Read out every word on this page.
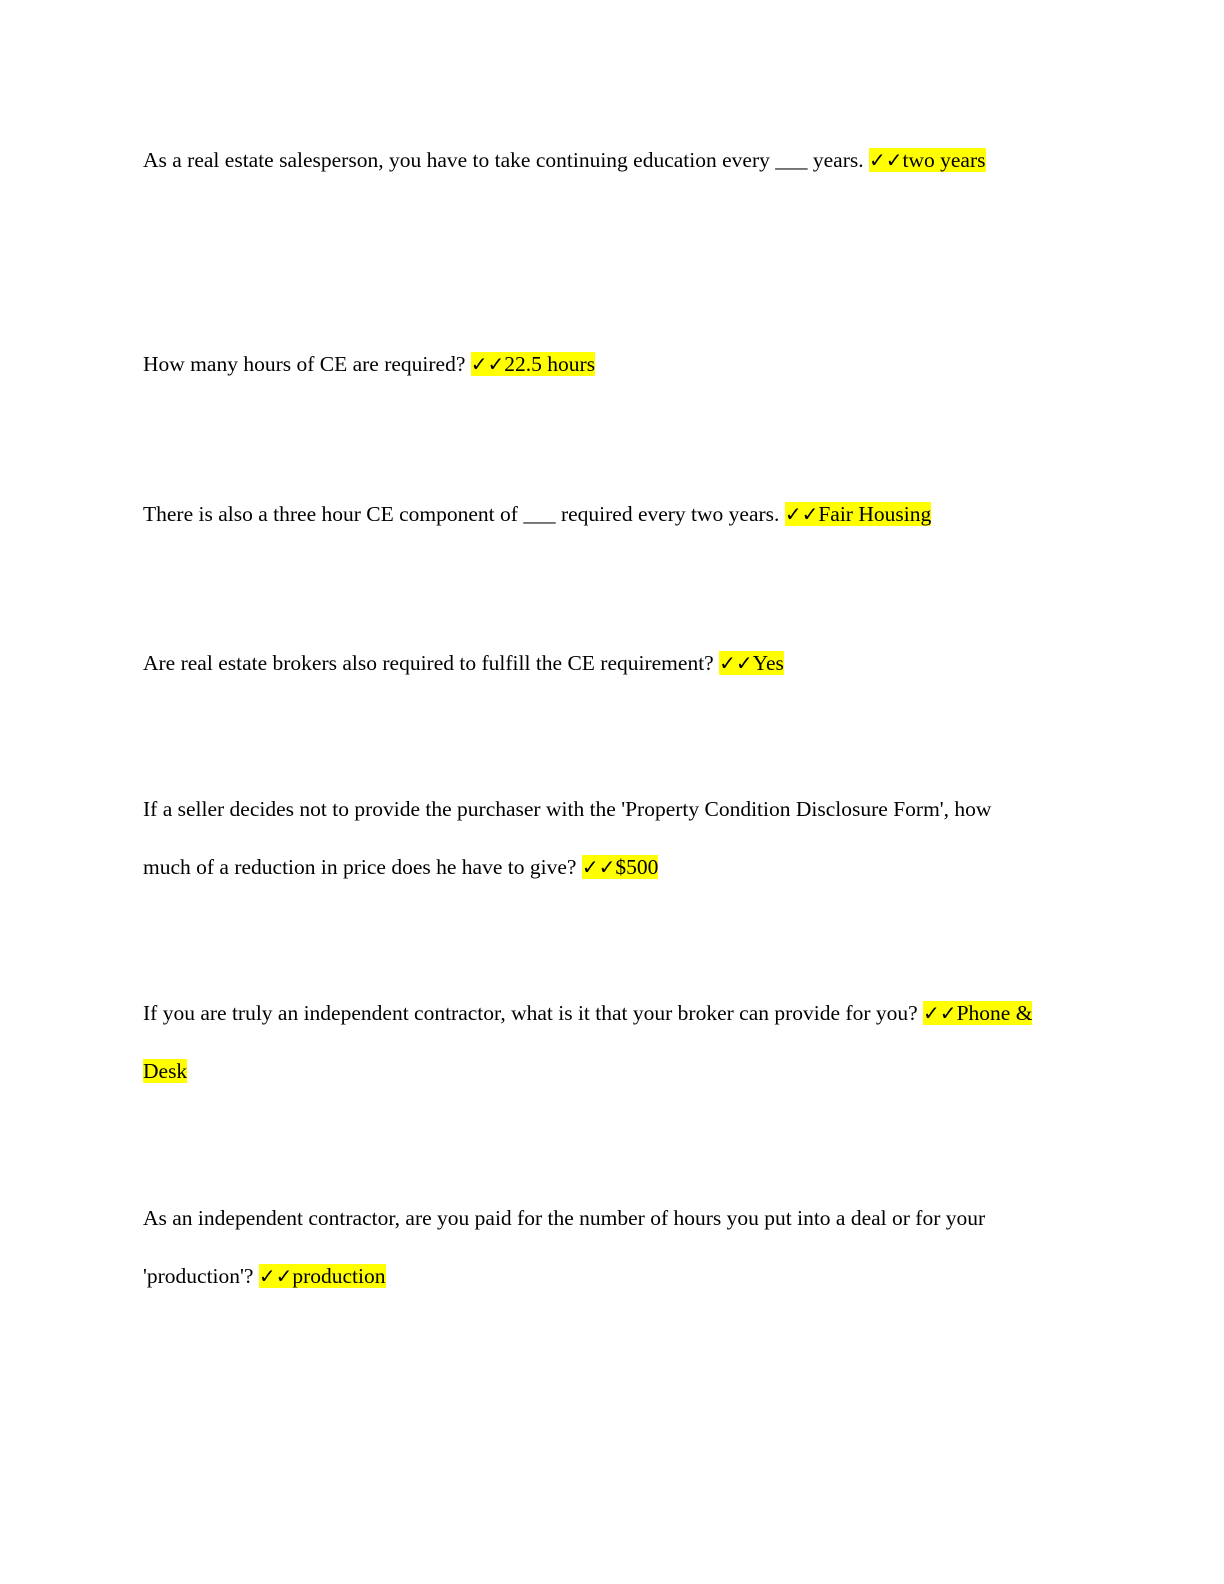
As a real estate salesperson, you have to take continuing education every ___ years. ✓✓two years

How many hours of CE are required? ✓✓22.5 hours

There is also a three hour CE component of ___ required every two years. ✓✓Fair Housing

Are real estate brokers also required to fulfill the CE requirement? ✓✓Yes

If a seller decides not to provide the purchaser with the 'Property Condition Disclosure Form', how much of a reduction in price does he have to give? ✓✓$500

If you are truly an independent contractor, what is it that your broker can provide for you? ✓✓Phone & Desk

As an independent contractor, are you paid for the number of hours you put into a deal or for your 'production'? ✓✓production
